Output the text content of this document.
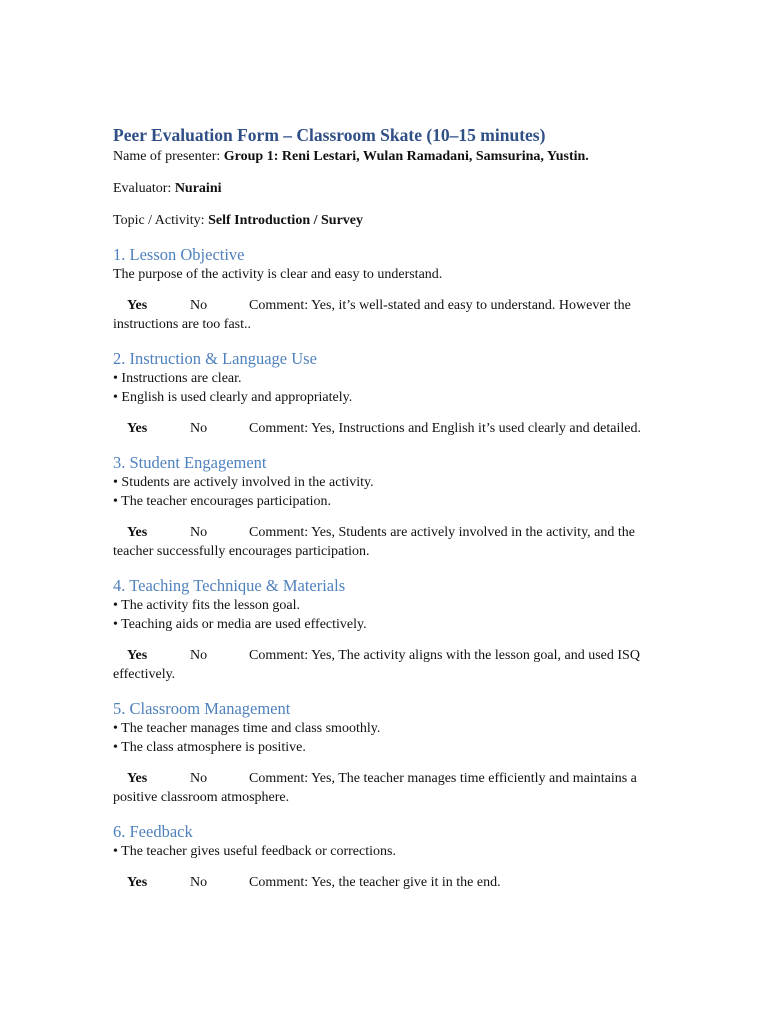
Peer Evaluation Form – Classroom Skate (10–15 minutes)

Name of presenter: Group 1: Reni Lestari, Wulan Ramadani, Samsurina, Yustin.

Evaluator: Nuraini

Topic / Activity: Self Introduction / Survey

1. Lesson Objective

The purpose of the activity is clear and easy to understand.

Yes	No	Comment: Yes, it’s well-stated and easy to understand. However the instructions are too fast..

2. Instruction & Language Use

• Instructions are clear.

• English is used clearly and appropriately.

Yes	No	Comment: Yes, Instructions and English it’s used clearly and detailed.

3. Student Engagement

• Students are actively involved in the activity.

• The teacher encourages participation.

Yes	No	Comment: Yes, Students are actively involved in the activity, and the teacher successfully encourages participation.

4. Teaching Technique & Materials

• The activity fits the lesson goal.

• Teaching aids or media are used effectively.

Yes	No	Comment: Yes, The activity aligns with the lesson goal, and used ISQ effectively.

5. Classroom Management

• The teacher manages time and class smoothly.

• The class atmosphere is positive.

Yes	No	Comment: Yes, The teacher manages time efficiently and maintains a positive classroom atmosphere.

6. Feedback

• The teacher gives useful feedback or corrections.

Yes	No	Comment: Yes, the teacher give it in the end.
